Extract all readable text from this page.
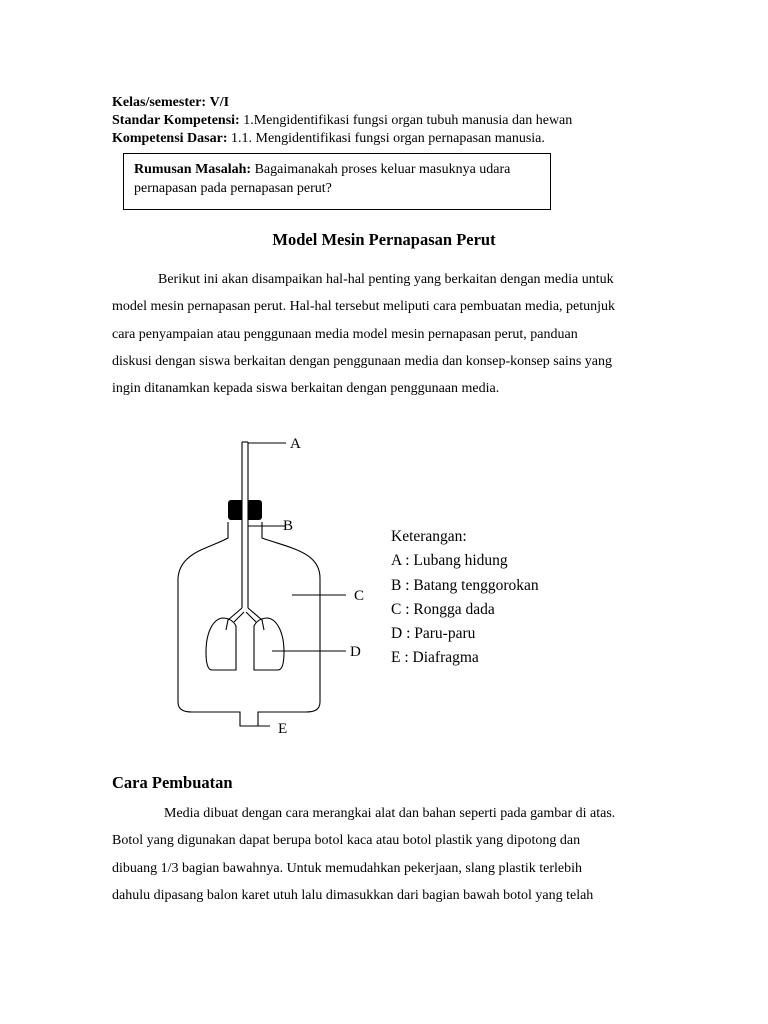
Kelas/semester: V/I
Standar Kompetensi: 1.Mengidentifikasi fungsi organ tubuh manusia dan hewan
Kompetensi Dasar: 1.1. Mengidentifikasi fungsi organ pernapasan manusia.
Rumusan Masalah: Bagaimanakah proses keluar masuknya udara
pernapasan pada pernapasan perut?
Model Mesin Pernapasan Perut
Berikut ini akan disampaikan hal-hal penting yang berkaitan dengan media untuk
model mesin pernapasan perut. Hal-hal tersebut meliputi cara pembuatan media, petunjuk
cara penyampaian atau penggunaan media model mesin pernapasan perut, panduan
diskusi dengan siswa berkaitan dengan penggunaan media dan konsep-konsep sains yang
ingin ditanamkan kepada siswa berkaitan dengan penggunaan media.
A
B
C
D
E
Keterangan:
A : Lubang hidung
B : Batang tenggorokan
C : Rongga dada
D : Paru-paru
E : Diafragma
Cara Pembuatan
Media dibuat dengan cara merangkai alat dan bahan seperti pada gambar di atas.
Botol yang digunakan dapat berupa botol kaca atau botol plastik yang dipotong dan
dibuang 1/3 bagian bawahnya. Untuk memudahkan pekerjaan, slang plastik terlebih
dahulu dipasang balon karet utuh lalu dimasukkan dari bagian bawah botol yang telah
